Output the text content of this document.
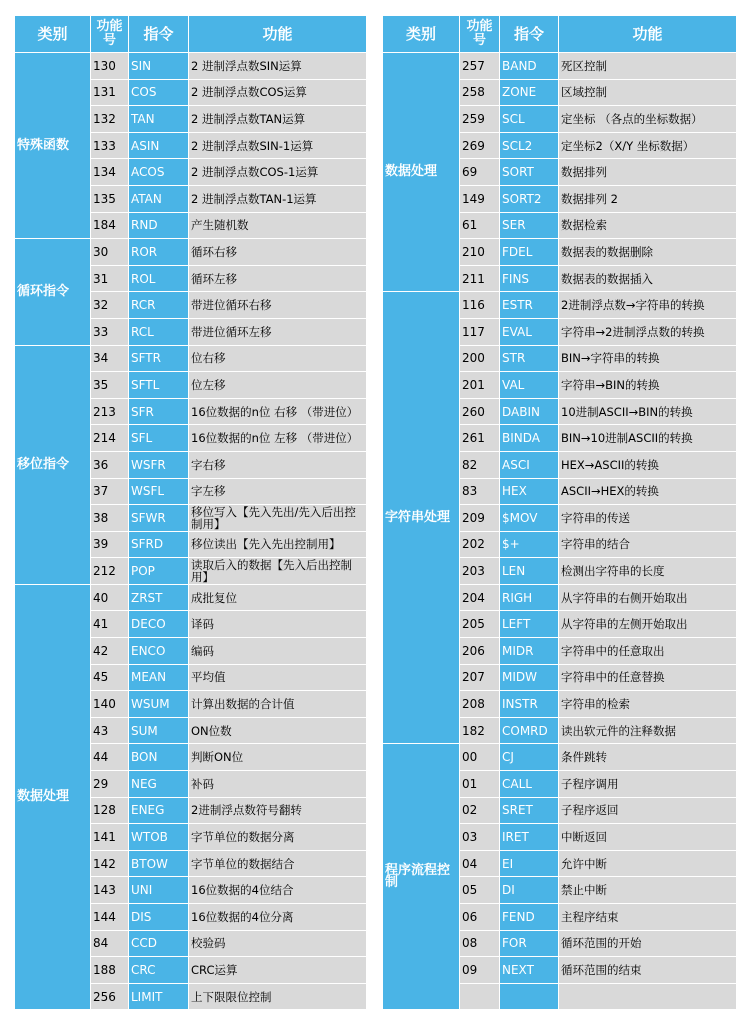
类别	功能号	指令	功能
特殊函数	130	SIN	2 进制浮点数SIN运算
	131	COS	2 进制浮点数COS运算
	132	TAN	2 进制浮点数TAN运算
	133	ASIN	2 进制浮点数SIN-1运算
	134	ACOS	2 进制浮点数COS-1运算
	135	ATAN	2 进制浮点数TAN-1运算
	184	RND	产生随机数
循环指令	30	ROR	循环右移
	31	ROL	循环左移
	32	RCR	带进位循环右移
	33	RCL	带进位循环左移
移位指令	34	SFTR	位右移
	35	SFTL	位左移
	213	SFR	16位数据的n位 右移 （带进位）
	214	SFL	16位数据的n位 左移 （带进位）
	36	WSFR	字右移
	37	WSFL	字左移
	38	SFWR	移位写入【先入先出/先入后出控制用】
	39	SFRD	移位读出【先入先出控制用】
	212	POP	读取后入的数据【先入后出控制用】
数据处理	40	ZRST	成批复位
	41	DECO	译码
	42	ENCO	编码
	45	MEAN	平均值
	140	WSUM	计算出数据的合计值
	43	SUM	ON位数
	44	BON	判断ON位
	29	NEG	补码
	128	ENEG	2进制浮点数符号翻转
	141	WTOB	字节单位的数据分离
	142	BTOW	字节单位的数据结合
	143	UNI	16位数据的4位结合
	144	DIS	16位数据的4位分离
	84	CCD	校验码
	188	CRC	CRC运算
	256	LIMIT	上下限限位控制
类别	功能号	指令	功能
数据处理	257	BAND	死区控制
	258	ZONE	区域控制
	259	SCL	定坐标 （各点的坐标数据）
	269	SCL2	定坐标2（X/Y 坐标数据）
	69	SORT	数据排列
	149	SORT2	数据排列 2
	61	SER	数据检索
	210	FDEL	数据表的数据删除
	211	FINS	数据表的数据插入
字符串处理	116	ESTR	2进制浮点数→字符串的转换
	117	EVAL	字符串→2进制浮点数的转换
	200	STR	BIN→字符串的转换
	201	VAL	字符串→BIN的转换
	260	DABIN	10进制ASCII→BIN的转换
	261	BINDA	BIN→10进制ASCII的转换
	82	ASCI	HEX→ASCII的转换
	83	HEX	ASCII→HEX的转换
	209	$MOV	字符串的传送
	202	$+	字符串的结合
	203	LEN	检测出字符串的长度
	204	RIGH	从字符串的右侧开始取出
	205	LEFT	从字符串的左侧开始取出
	206	MIDR	字符串中的任意取出
	207	MIDW	字符串中的任意替换
	208	INSTR	字符串的检索
	182	COMRD	读出软元件的注释数据
程序流程控制	00	CJ	条件跳转
	01	CALL	子程序调用
	02	SRET	子程序返回
	03	IRET	中断返回
	04	EI	允许中断
	05	DI	禁止中断
	06	FEND	主程序结束
	08	FOR	循环范围的开始
	09	NEXT	循环范围的结束
